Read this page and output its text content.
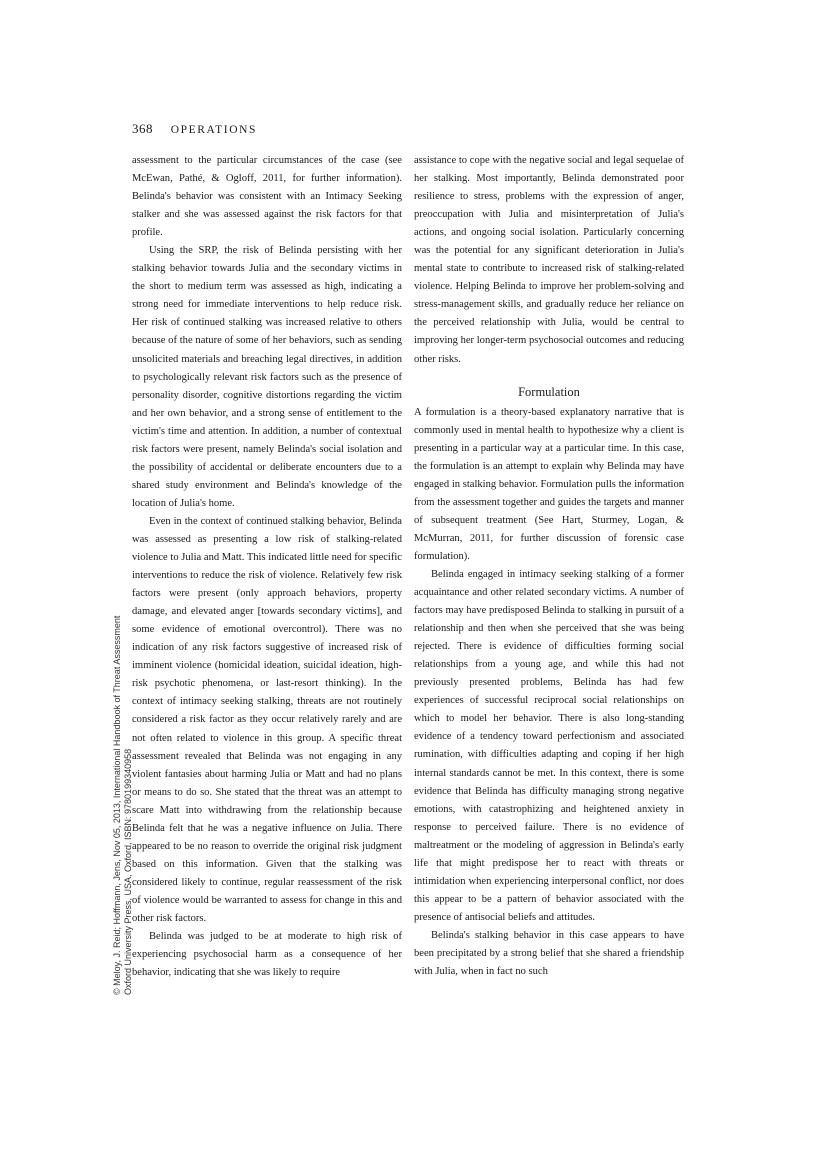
368 OPERATIONS

assessment to the particular circumstances of the case (see McEwan, Pathé, & Ogloff, 2011, for further information). Belinda's behavior was consistent with an Intimacy Seeking stalker and she was assessed against the risk factors for that profile.

Using the SRP, the risk of Belinda persisting with her stalking behavior towards Julia and the secondary victims in the short to medium term was assessed as high, indicating a strong need for immediate interventions to help reduce risk. Her risk of continued stalking was increased relative to others because of the nature of some of her behaviors, such as sending unsolicited materials and breaching legal directives, in addition to psychologically relevant risk factors such as the presence of personality disorder, cognitive distortions regarding the victim and her own behavior, and a strong sense of entitlement to the victim's time and attention. In addition, a number of contextual risk factors were present, namely Belinda's social isolation and the possibility of accidental or deliberate encounters due to a shared study environment and Belinda's knowledge of the location of Julia's home.

Even in the context of continued stalking behavior, Belinda was assessed as presenting a low risk of stalking-related violence to Julia and Matt. This indicated little need for specific interventions to reduce the risk of violence. Relatively few risk factors were present (only approach behaviors, property damage, and elevated anger [towards secondary victims], and some evidence of emotional overcontrol). There was no indication of any risk factors suggestive of increased risk of imminent violence (homicidal ideation, suicidal ideation, high-risk psychotic phenomena, or last-resort thinking). In the context of intimacy seeking stalking, threats are not routinely considered a risk factor as they occur relatively rarely and are not often related to violence in this group. A specific threat assessment revealed that Belinda was not engaging in any violent fantasies about harming Julia or Matt and had no plans or means to do so. She stated that the threat was an attempt to scare Matt into withdrawing from the relationship because Belinda felt that he was a negative influence on Julia. There appeared to be no reason to override the original risk judgment based on this information. Given that the stalking was considered likely to continue, regular reassessment of the risk of violence would be warranted to assess for change in this and other risk factors.

Belinda was judged to be at moderate to high risk of experiencing psychosocial harm as a consequence of her behavior, indicating that she was likely to require

assistance to cope with the negative social and legal sequelae of her stalking. Most importantly, Belinda demonstrated poor resilience to stress, problems with the expression of anger, preoccupation with Julia and misinterpretation of Julia's actions, and ongoing social isolation. Particularly concerning was the potential for any significant deterioration in Julia's mental state to contribute to increased risk of stalking-related violence. Helping Belinda to improve her problem-solving and stress-management skills, and gradually reduce her reliance on the perceived relationship with Julia, would be central to improving her longer-term psychosocial outcomes and reducing other risks.

Formulation

A formulation is a theory-based explanatory narrative that is commonly used in mental health to hypothesize why a client is presenting in a particular way at a particular time. In this case, the formulation is an attempt to explain why Belinda may have engaged in stalking behavior. Formulation pulls the information from the assessment together and guides the targets and manner of subsequent treatment (See Hart, Sturmey, Logan, & McMurran, 2011, for further discussion of forensic case formulation).

Belinda engaged in intimacy seeking stalking of a former acquaintance and other related secondary victims. A number of factors may have predisposed Belinda to stalking in pursuit of a relationship and then when she perceived that she was being rejected. There is evidence of difficulties forming social relationships from a young age, and while this had not previously presented problems, Belinda has had few experiences of successful reciprocal social relationships on which to model her behavior. There is also long-standing evidence of a tendency toward perfectionism and associated rumination, with difficulties adapting and coping if her high internal standards cannot be met. In this context, there is some evidence that Belinda has difficulty managing strong negative emotions, with catastrophizing and heightened anxiety in response to perceived failure. There is no evidence of maltreatment or the modeling of aggression in Belinda's early life that might predispose her to react with threats or intimidation when experiencing interpersonal conflict, nor does this appear to be a pattern of behavior associated with the presence of antisocial beliefs and attitudes.

Belinda's stalking behavior in this case appears to have been precipitated by a strong belief that she shared a friendship with Julia, when in fact no such

© Meloy, J. Reid; Hoffmann, Jens, Nov 05, 2013, International Handbook of Threat Assessment Oxford University Press, USA, Oxford, ISBN: 9780199340958
